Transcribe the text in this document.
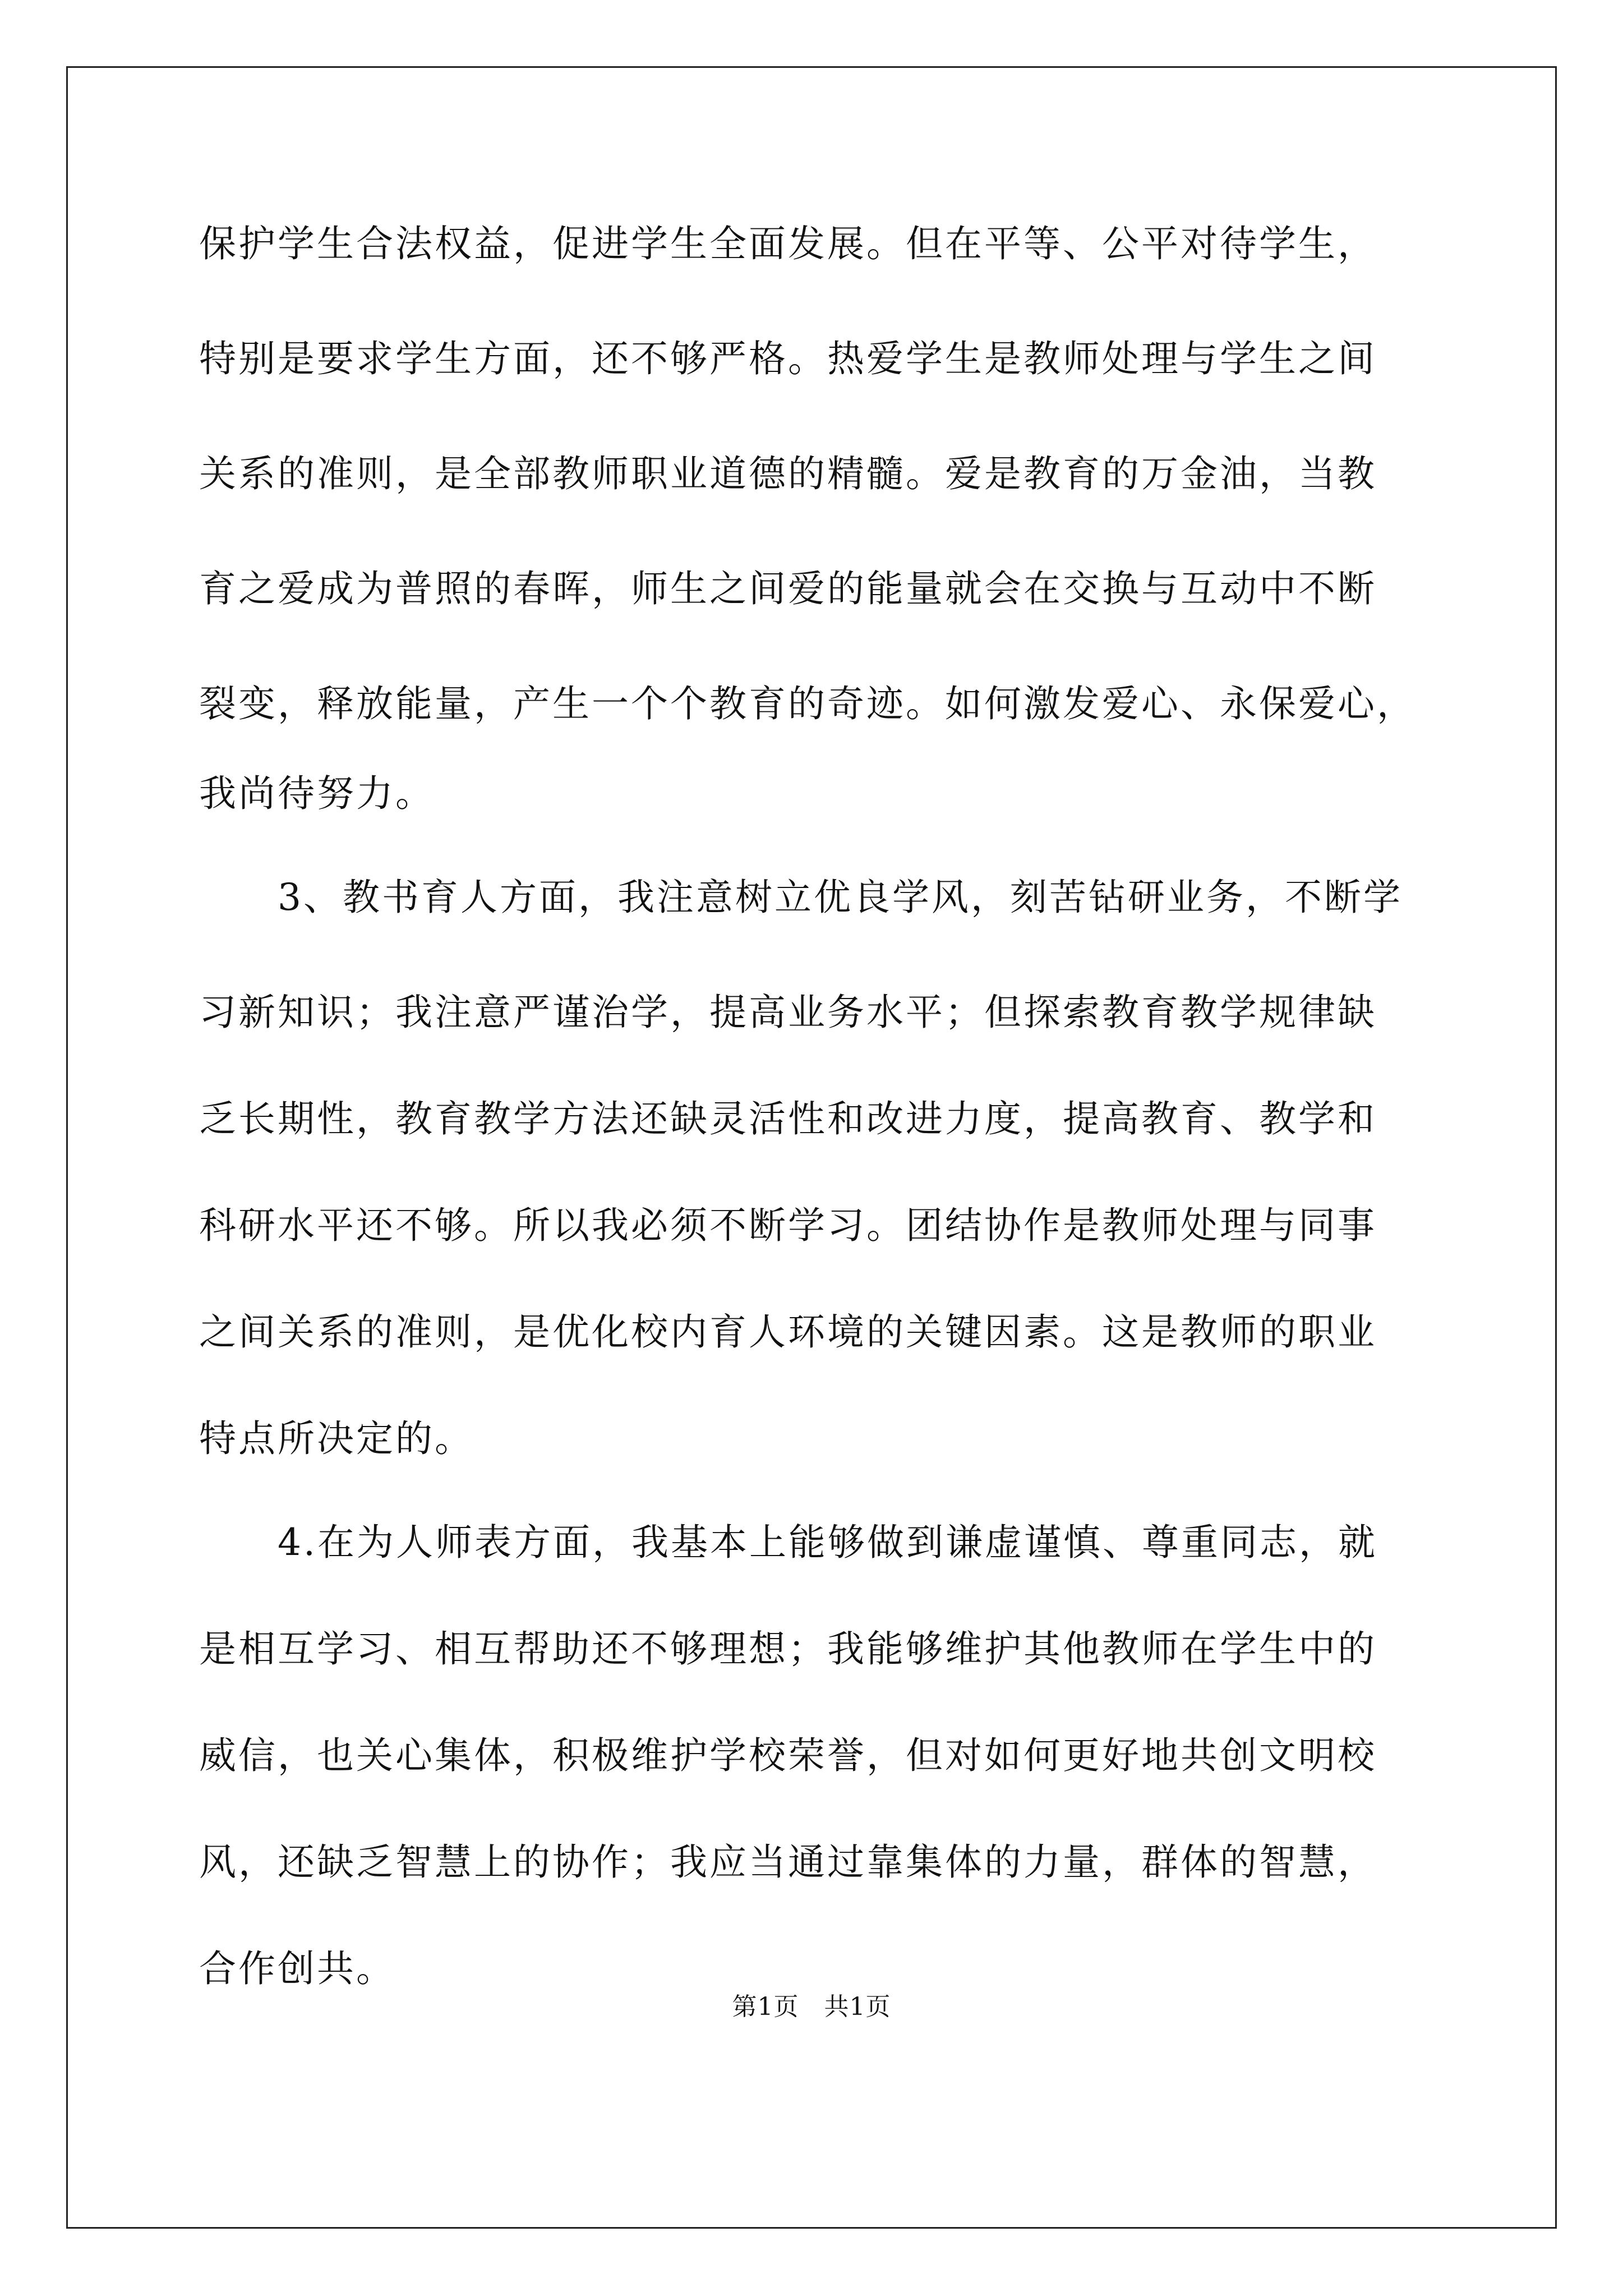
保护学生合法权益，促进学生全面发展。但在平等、公平对待学生，
特别是要求学生方面，还不够严格。热爱学生是教师处理与学生之间
关系的准则，是全部教师职业道德的精髓。爱是教育的万金油，当教
育之爱成为普照的春晖，师生之间爱的能量就会在交换与互动中不断
裂变，释放能量，产生一个个教育的奇迹。如何激发爱心、永保爱心，
我尚待努力。
3、教书育人方面，我注意树立优良学风，刻苦钻研业务，不断学
习新知识；我注意严谨治学，提高业务水平；但探索教育教学规律缺
乏长期性，教育教学方法还缺灵活性和改进力度，提高教育、教学和
科研水平还不够。所以我必须不断学习。团结协作是教师处理与同事
之间关系的准则，是优化校内育人环境的关键因素。这是教师的职业
特点所决定的。
4.在为人师表方面，我基本上能够做到谦虚谨慎、尊重同志，就
是相互学习、相互帮助还不够理想；我能够维护其他教师在学生中的
威信，也关心集体，积极维护学校荣誉，但对如何更好地共创文明校
风，还缺乏智慧上的协作；我应当通过靠集体的力量，群体的智慧，
合作创共。
第1页　共1页
